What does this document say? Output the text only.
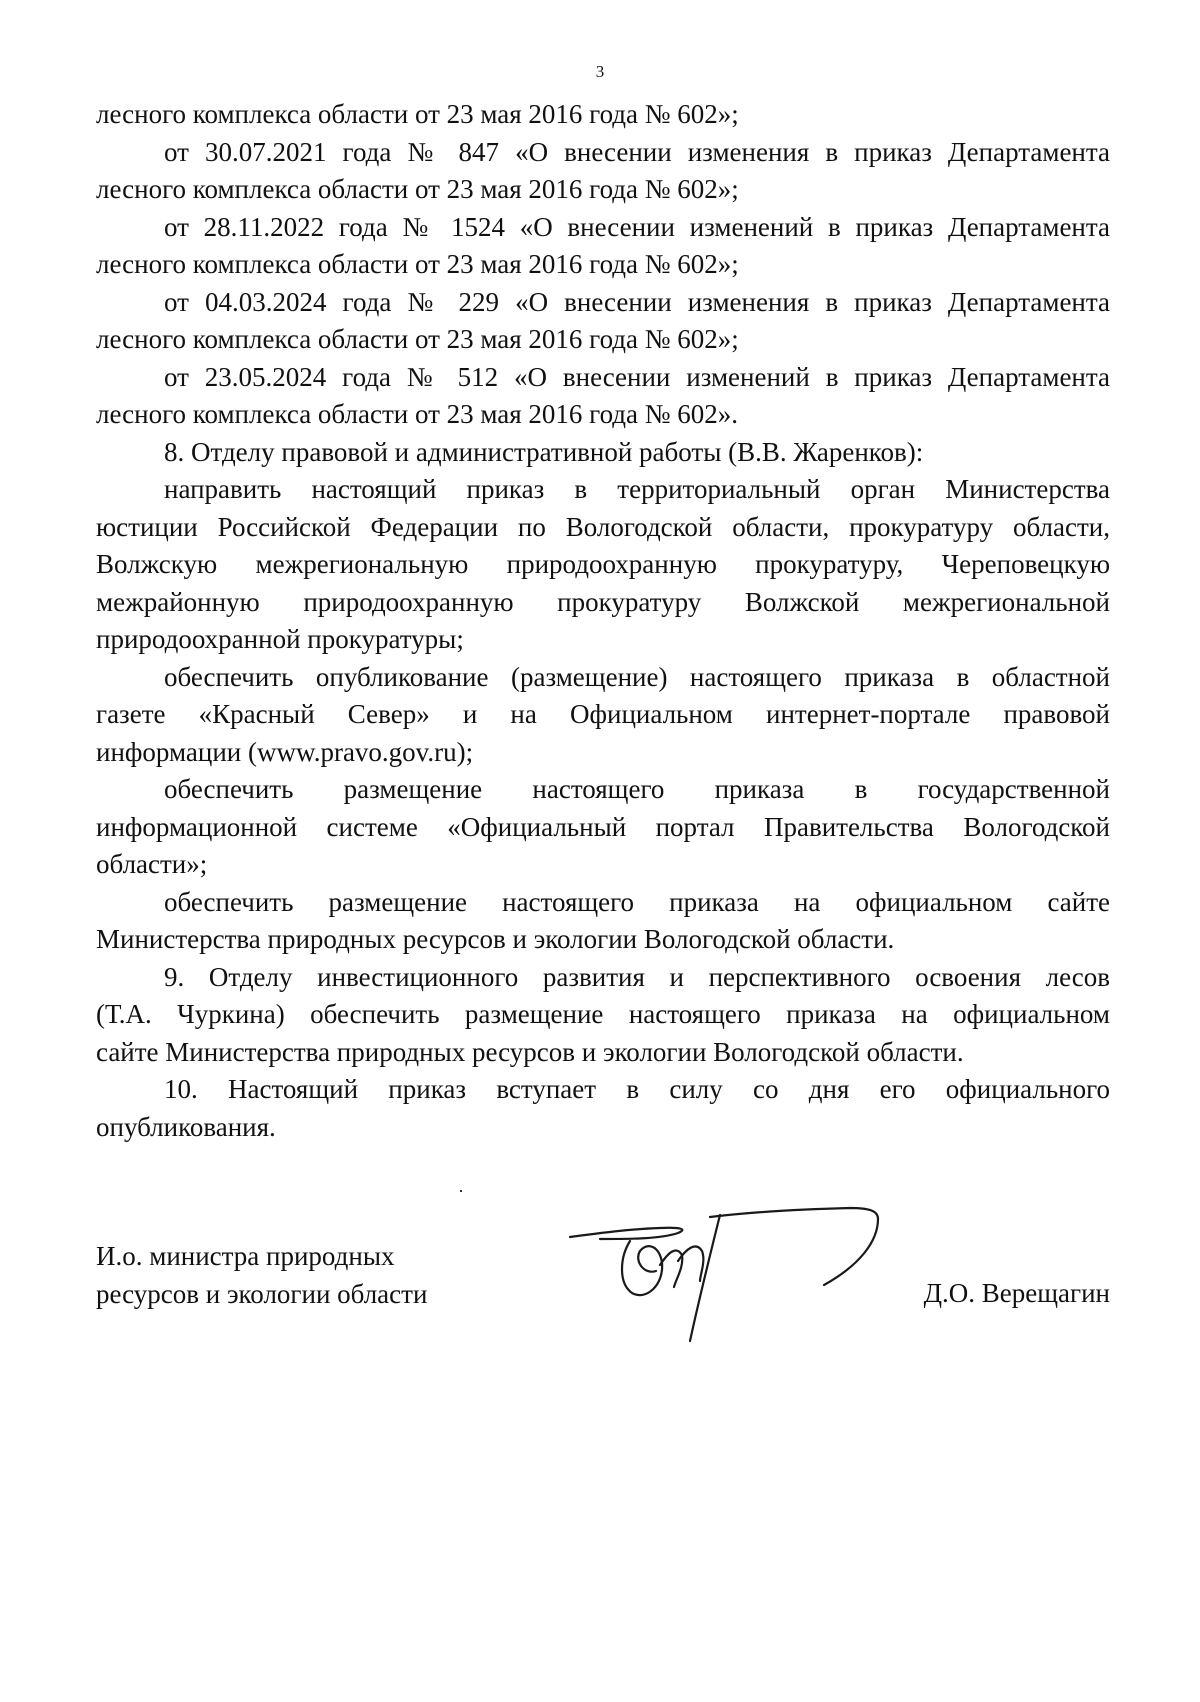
3
лесного комплекса области от 23 мая 2016 года № 602»;
от 30.07.2021 года № 847 «О внесении изменения в приказ Департамента
лесного комплекса области от 23 мая 2016 года № 602»;
от 28.11.2022 года № 1524 «О внесении изменений в приказ Департамента
лесного комплекса области от 23 мая 2016 года № 602»;
от 04.03.2024 года № 229 «О внесении изменения в приказ Департамента
лесного комплекса области от 23 мая 2016 года № 602»;
от 23.05.2024 года № 512 «О внесении изменений в приказ Департамента
лесного комплекса области от 23 мая 2016 года № 602».
8. Отделу правовой и административной работы (В.В. Жаренков):
направить настоящий приказ в территориальный орган Министерства
юстиции Российской Федерации по Вологодской области, прокуратуру области,
Волжскую межрегиональную природоохранную прокуратуру, Череповецкую
межрайонную природоохранную прокуратуру Волжской межрегиональной
природоохранной прокуратуры;
обеспечить опубликование (размещение) настоящего приказа в областной
газете «Красный Север» и на Официальном интернет-портале правовой
информации (www.pravo.gov.ru);
обеспечить размещение настоящего приказа в государственной
информационной системе «Официальный портал Правительства Вологодской
области»;
обеспечить размещение настоящего приказа на официальном сайте
Министерства природных ресурсов и экологии Вологодской области.
9. Отделу инвестиционного развития и перспективного освоения лесов
(Т.А. Чуркина) обеспечить размещение настоящего приказа на официальном
сайте Министерства природных ресурсов и экологии Вологодской области.
10. Настоящий приказ вступает в силу со дня его официального
опубликования.
И.о. министра природных
ресурсов и экологии области	Д.О. Верещагин
